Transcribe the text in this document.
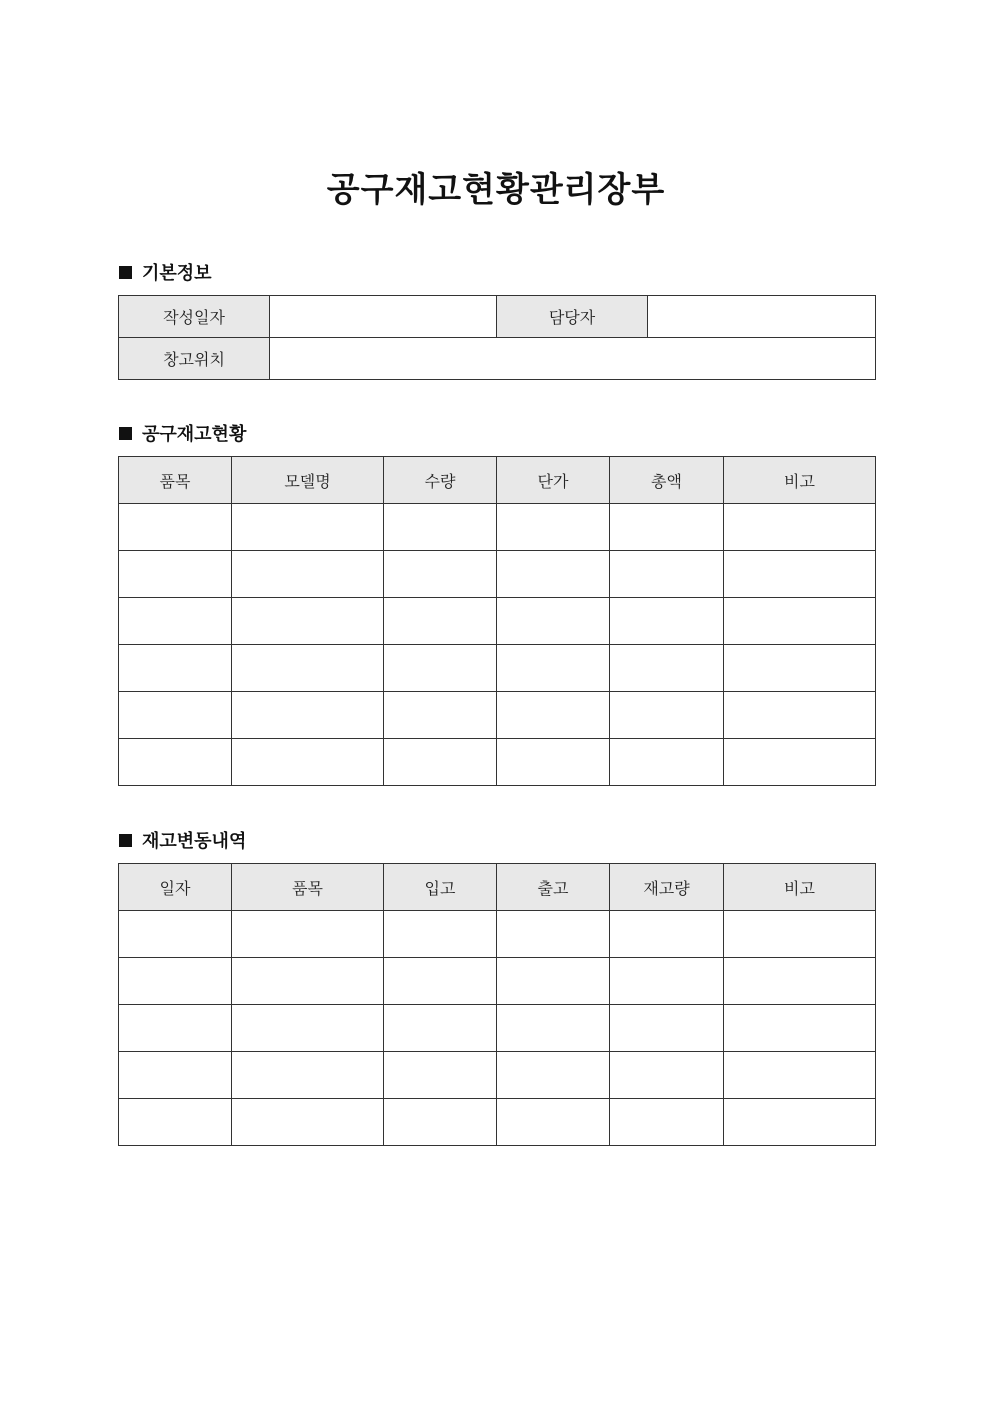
공구재고현황관리장부
기본정보
작성일자		담당자	
창고위치			
공구재고현황
품목	모델명	수량	단가	총액	비고

재고변동내역
일자	품목	입고	출고	재고량	비고
